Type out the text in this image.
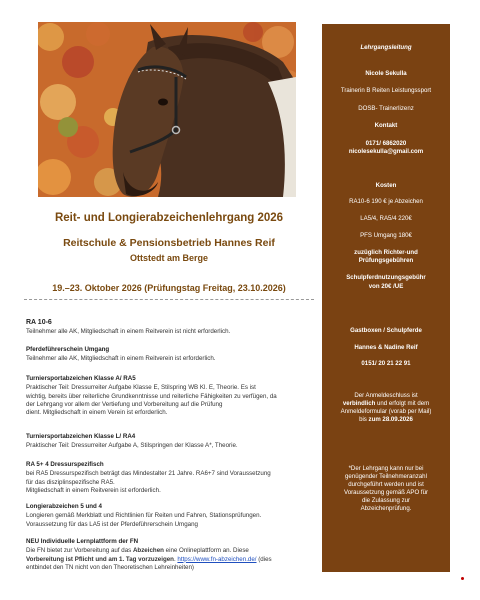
Reit- und Longierabzeichenlehrgang 2026
Reitschule & Pensionsbetrieb Hannes Reif
Ottstedt am Berge
19.–23. Oktober 2026 (Prüfungstag Freitag, 23.10.2026)

RA 10-6

Teilnehmer alle AK, Mitgliedschaft in einem Reitverein ist nicht erforderlich.

Pferdeführerschein Umgang

Teilnehmer alle AK, Mitgliedschaft in einem Reitverein ist erforderlich.

Turniersportabzeichen Klasse A/ RA5

Praktischer Teil: Dressurreiter Aufgabe Klasse E, Stilspring WB Kl. E, Theorie. Es ist

wichtig, bereits über reiterliche Grundkenntnisse und reiterliche Fähigkeiten zu verfügen, da

der Lehrgang vor allem der Vertiefung und Vorbereitung auf die Prüfung

dient. Mitgliedschaft in einem Verein ist erforderlich.

Turniersportabzeichen Klasse L/ RA4

Praktischer Teil: Dressurreiter Aufgabe A, Stilspringen der Klasse A*, Theorie.

RA 5+ 4 Dressurspezifisch

bei RA5 Dressurspezifisch beträgt das Mindestalter 21 Jahre. RA6+7 sind Voraussetzung

für das disziplinspezifische RA5.

Mitgliedschaft in einem Reitverein ist erforderlich.

Longierabzeichen 5 und 4

Longieren gemäß Merkblatt und Richtlinien für Reiten und Fahren, Stationsprüfungen.

Voraussetzung für das LA5 ist der Pferdeführerschein Umgang

NEU Individuelle Lernplattform der FN

Die FN bietet zur Vorbereitung auf das Abzeichen eine Onlineplattform an. Diese

Vorbereitung ist Pflicht und am 1. Tag vorzuzeigen. https://www.fn-abzeichen.de/ (dies

entbindet den TN nicht von den Theoretischen Lehreinheiten)

Lehrgangsleitung

Nicole Sekulla

Trainerin B Reiten Leistungssport

DOSB- Trainerlizenz

Kontakt

0171/ 6862020

nicolesekulla@gmail.com

Kosten

RA10-6 190 € je Abzeichen

LA5/4, RA5/4 220€

PFS Umgang 180€

zuzüglich Richter-und

Prüfungsgebühren

Schulpferdnutzungsgebühr

von 20€ /UE

Gastboxen / Schulpferde

Hannes & Nadine Reif

0151/ 20 21 22 91

Der Anmeldeschluss ist

verbindlich und erfolgt mit dem

Anmeldeformular (vorab per Mail)

bis zum 28.09.2026

*Der Lehrgang kann nur bei

genügender Teilnehmeranzahl

durchgeführt werden und ist

Voraussetzung gemäß APO für

die Zulassung zur

Abzeichenprüfung.
